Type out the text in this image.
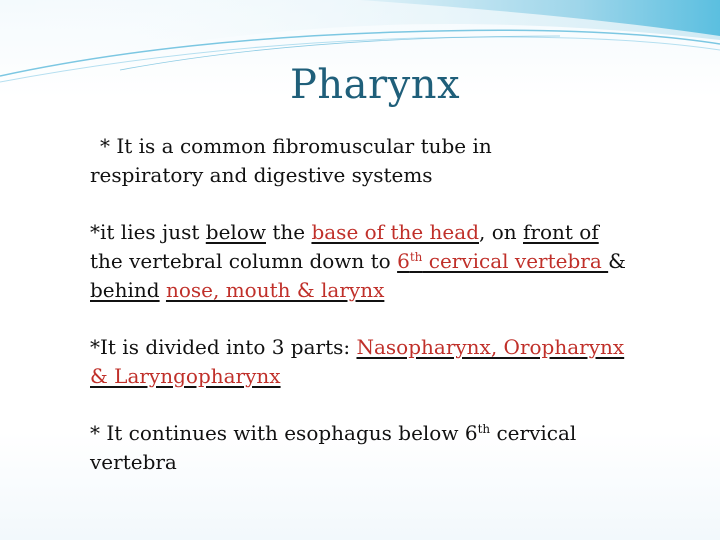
Pharynx

* It is a common fibromuscular tube in
respiratory and digestive systems

*it lies just below the base of the head, on front of
the vertebral column down to 6th cervical vertebra &
behind nose, mouth & larynx

*It is divided into 3 parts: Nasopharynx, Oropharynx
& Laryngopharynx

* It continues with esophagus below 6th cervical
vertebra
